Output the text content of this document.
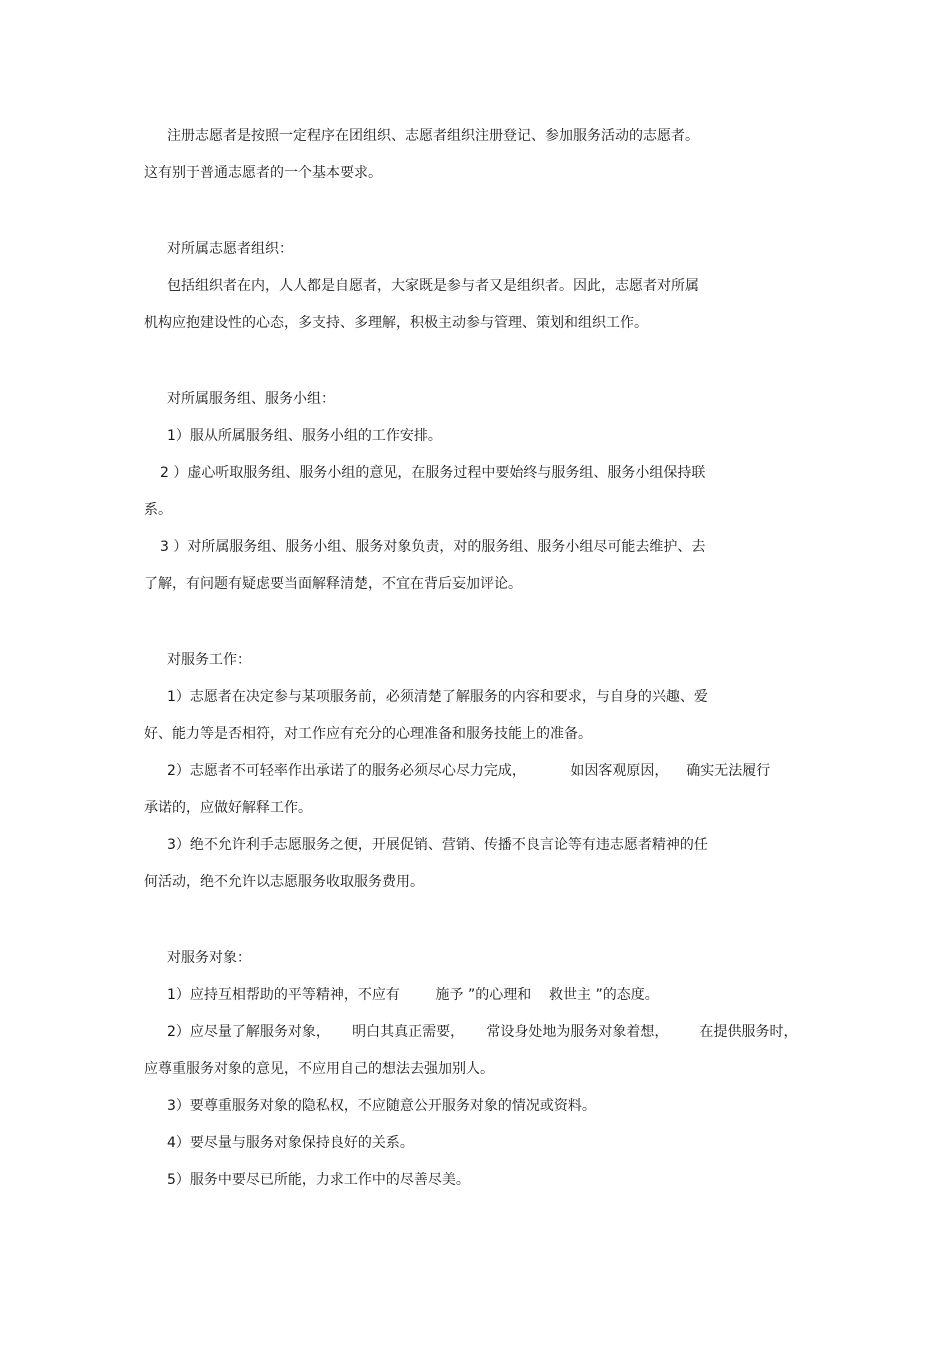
注册志愿者是按照一定程序在团组织、志愿者组织注册登记、参加服务活动的志愿者。
这有别于普通志愿者的一个基本要求。
对所属志愿者组织：
包括组织者在内，人人都是自愿者，大家既是参与者又是组织者。因此，志愿者对所属
机构应抱建设性的心态，多支持、多理解，积极主动参与管理、策划和组织工作。
对所属服务组、服务小组：
1）服从所属服务组、服务小组的工作安排。
2 ）虚心听取服务组、服务小组的意见，在服务过程中要始终与服务组、服务小组保持联
系。
3 ）对所属服务组、服务小组、服务对象负责，对的服务组、服务小组尽可能去维护、去
了解，有问题有疑虑要当面解释清楚，不宜在背后妄加评论。
对服务工作：
1）志愿者在决定参与某项服务前，必须清楚了解服务的内容和要求，与自身的兴趣、爱
好、能力等是否相符，对工作应有充分的心理准备和服务技能上的准备。
2）志愿者不可轻率作出承诺了的服务必须尽心尽力完成，          如因客观原因，    确实无法履行
承诺的，应做好解释工作。
3）绝不允许利手志愿服务之便，开展促销、营销、传播不良言论等有违志愿者精神的任
何活动，绝不允许以志愿服务收取服务费用。
对服务对象：
1）应持互相帮助的平等精神，不应有        施予 ”的心理和    救世主 ”的态度。
2）应尽量了解服务对象，     明白其真正需要，     常设身处地为服务对象着想，       在提供服务时，
应尊重服务对象的意见，不应用自己的想法去强加别人。
3）要尊重服务对象的隐私权，不应随意公开服务对象的情况或资料。
4）要尽量与服务对象保持良好的关系。
5）服务中要尽已所能，力求工作中的尽善尽美。
